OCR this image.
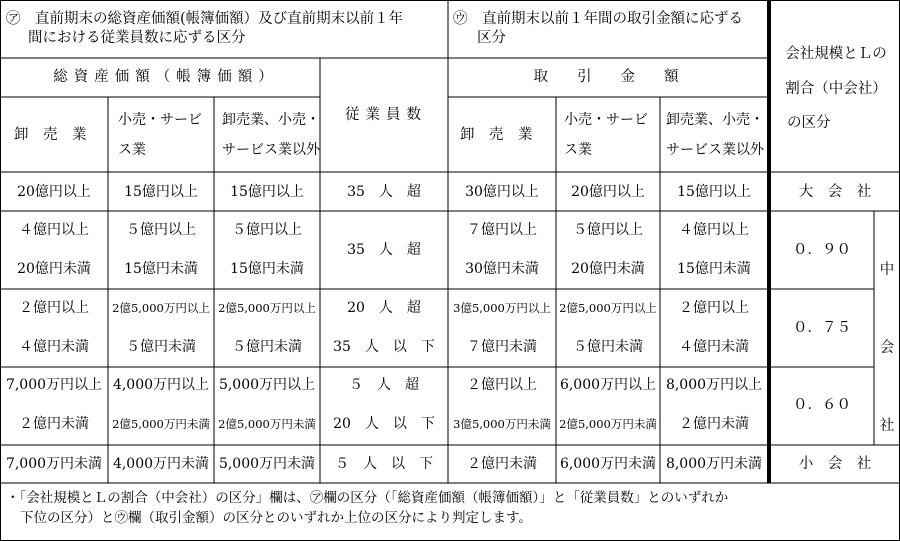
㋐　直前期末の総資産価額(帳簿価額）及び直前期末以前１年
間における従業員数に応ずる区分
㋒　直前期末以前１年間の取引金額に応ずる
区分
会社規模とＬの
割合（中会社）
の区分
総資産価額（帳簿価額）
従業員数
取　　引　　金　　額
卸　売　業
小売・サービ
ス業
卸売業、小売・
サービス業以外
卸　売　業
小売・サービ
ス業
卸売業、小売・
サービス業以外
20億円以上 15億円以上 15億円以上	35　人　超	30億円以上 20億円以上 15億円以上
４億円以上
20億円未満
５億円以上
15億円未満
５億円以上
15億円未満
35　人　超
７億円以上
30億円未満
５億円以上
20億円未満
４億円以上
15億円未満
２億円以上
４億円未満
2億5,000万円以上
５億円未満
2億5,000万円以上
５億円未満
20　人　超
35　人　以　下
3億5,000万円以上
７億円未満
2億5,000万円以上
５億円未満
２億円以上
４億円未満
7,000万円以上
２億円未満
4,000万円以上
2億5,000万円未満
5,000万円以上
2億5,000万円未満
５　人　超
20　人　以　下
２億円以上
3億5,000万円未満
6,000万円以上
2億5,000万円未満
8,000万円以上
２億円未満
7,000万円未満 4,000万円未満 5,000万円未満 ５　人　以　下 ２億円未満 6,000万円未満 8,000万円未満
大　会　社
０．９０
０．７５
０．６０
中
会
社
小　会　社
・「会社規模とＬの割合（中会社）の区分」欄は、㋐欄の区分（「総資産価額（帳簿価額）」と「従業員数」とのいずれか
下位の区分）と㋒欄（取引金額）の区分とのいずれか上位の区分により判定します。
